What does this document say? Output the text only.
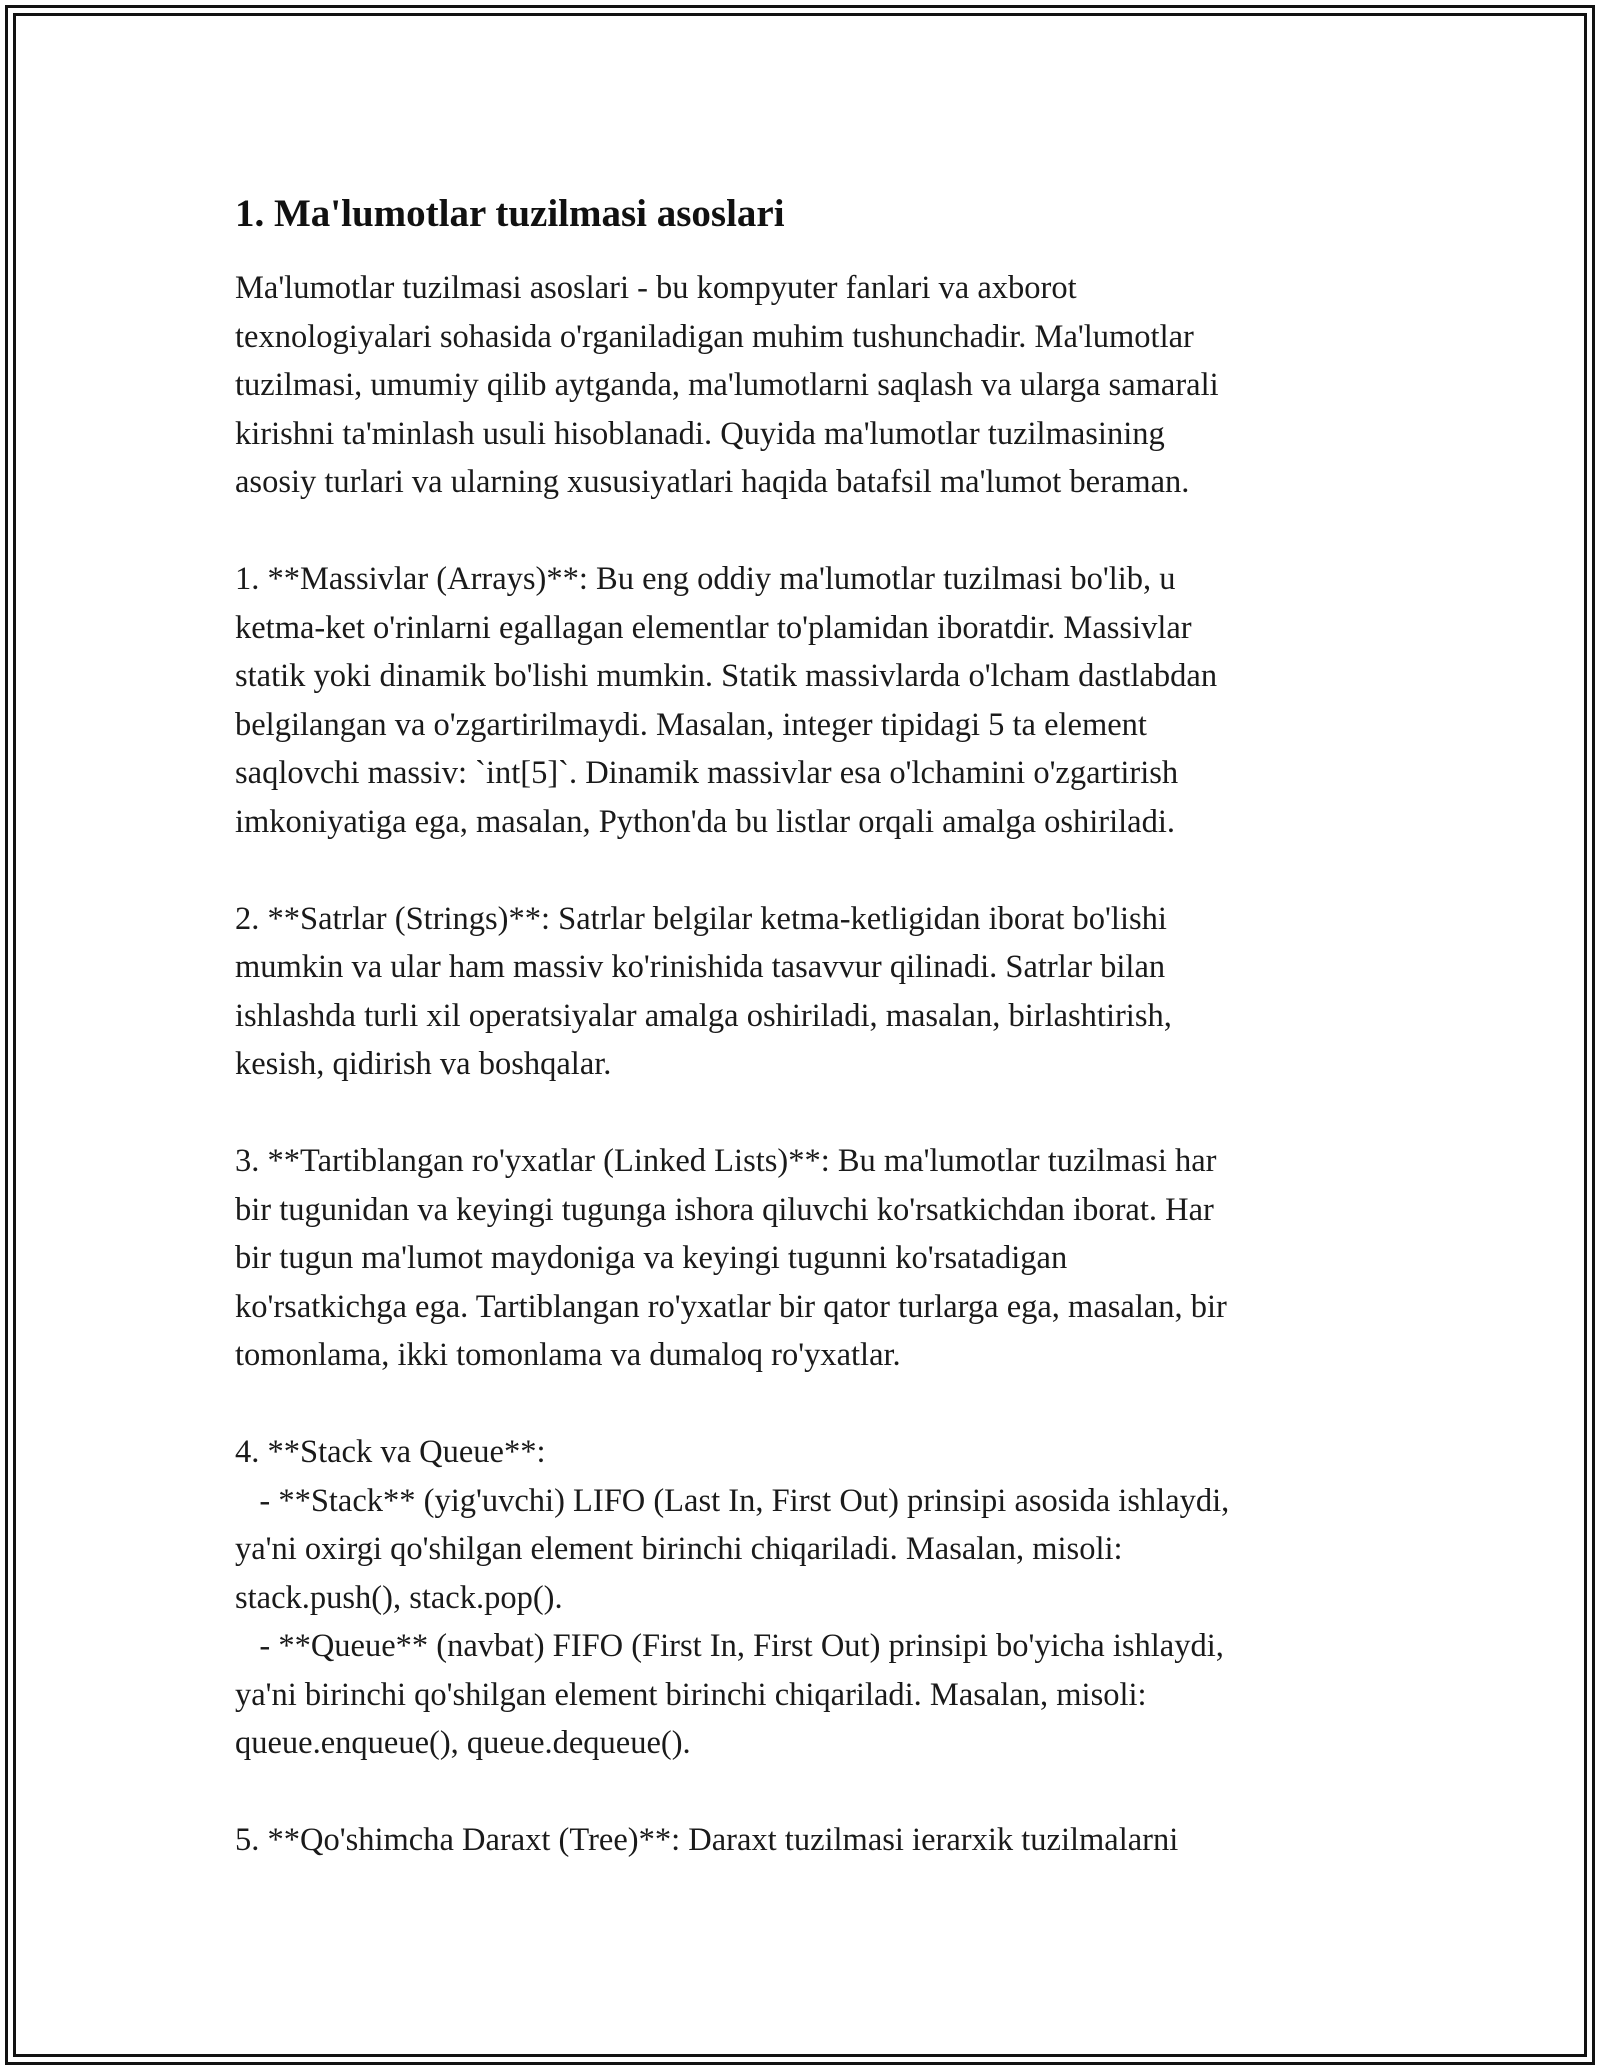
1. Ma'lumotlar tuzilmasi asoslari
Ma'lumotlar tuzilmasi asoslari - bu kompyuter fanlari va axborot
texnologiyalari sohasida o'rganiladigan muhim tushunchadir. Ma'lumotlar
tuzilmasi, umumiy qilib aytganda, ma'lumotlarni saqlash va ularga samarali
kirishni ta'minlash usuli hisoblanadi. Quyida ma'lumotlar tuzilmasining
asosiy turlari va ularning xususiyatlari haqida batafsil ma'lumot beraman.
1. **Massivlar (Arrays)**: Bu eng oddiy ma'lumotlar tuzilmasi bo'lib, u
ketma-ket o'rinlarni egallagan elementlar to'plamidan iboratdir. Massivlar
statik yoki dinamik bo'lishi mumkin. Statik massivlarda o'lcham dastlabdan
belgilangan va o'zgartirilmaydi. Masalan, integer tipidagi 5 ta element
saqlovchi massiv: `int[5]`. Dinamik massivlar esa o'lchamini o'zgartirish
imkoniyatiga ega, masalan, Python'da bu listlar orqali amalga oshiriladi.
2. **Satrlar (Strings)**: Satrlar belgilar ketma-ketligidan iborat bo'lishi
mumkin va ular ham massiv ko'rinishida tasavvur qilinadi. Satrlar bilan
ishlashda turli xil operatsiyalar amalga oshiriladi, masalan, birlashtirish,
kesish, qidirish va boshqalar.
3. **Tartiblangan ro'yxatlar (Linked Lists)**: Bu ma'lumotlar tuzilmasi har
bir tugunidan va keyingi tugunga ishora qiluvchi ko'rsatkichdan iborat. Har
bir tugun ma'lumot maydoniga va keyingi tugunni ko'rsatadigan
ko'rsatkichga ega. Tartiblangan ro'yxatlar bir qator turlarga ega, masalan, bir
tomonlama, ikki tomonlama va dumaloq ro'yxatlar.
4. **Stack va Queue**:
- **Stack** (yig'uvchi) LIFO (Last In, First Out) prinsipi asosida ishlaydi,
ya'ni oxirgi qo'shilgan element birinchi chiqariladi. Masalan, misoli:
stack.push(), stack.pop().
- **Queue** (navbat) FIFO (First In, First Out) prinsipi bo'yicha ishlaydi,
ya'ni birinchi qo'shilgan element birinchi chiqariladi. Masalan, misoli:
queue.enqueue(), queue.dequeue().
5. **Qo'shimcha Daraxt (Tree)**: Daraxt tuzilmasi ierarxik tuzilmalarni
